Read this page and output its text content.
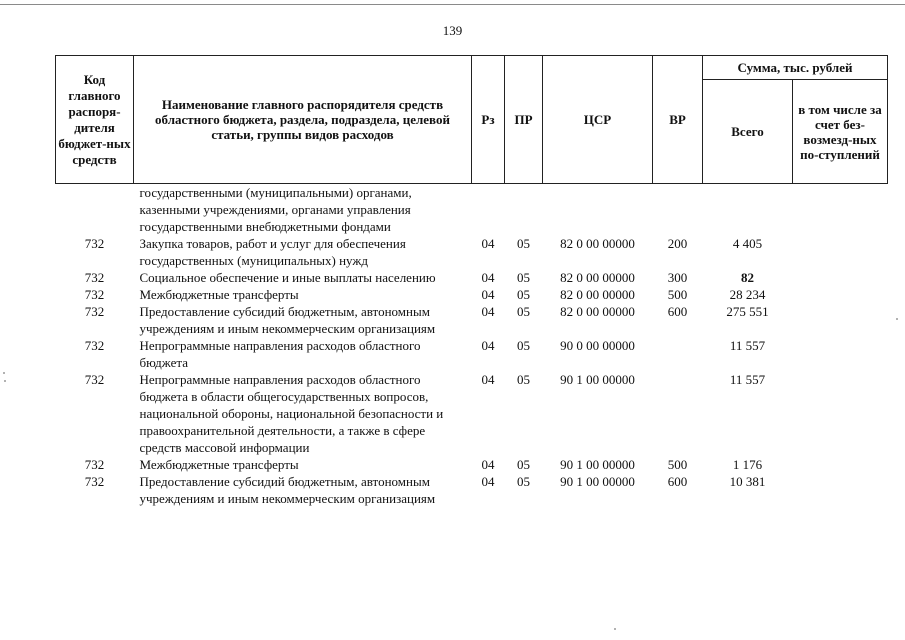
139
Код главного распоря-дителя бюджет-ных средств	Наименование главного распорядителя средств областного бюджета, раздела, подраздела, целевой статьи, группы видов расходов	Рз	ПР	ЦСР	ВР	Сумма, тыс. рублей	
						Всего	в том числе за счет без-возмезд-ных по-ступлений
	государственными (муниципальными) органами, казенными учреждениями, органами управления государственными внебюджетными фондами						
732	Закупка товаров, работ и услуг для обеспечения государственных (муниципальных) нужд	04	05	82 0 00 00000	200	4 405	
732	Социальное обеспечение и иные выплаты населению	04	05	82 0 00 00000	300	82	
732	Межбюджетные трансферты	04	05	82 0 00 00000	500	28 234	
732	Предоставление субсидий бюджетным, автономным учреждениям и иным некоммерческим организациям	04	05	82 0 00 00000	600	275 551	
732	Непрограммные направления расходов областного бюджета	04	05	90 0 00 00000		11 557	
732	Непрограммные направления расходов областного бюджета в области общегосударственных вопросов, национальной обороны, национальной безопасности и правоохранительной деятельности, а также в сфере средств массовой информации	04	05	90 1 00 00000		11 557	
732	Межбюджетные трансферты	04	05	90 1 00 00000	500	1 176	
732	Предоставление субсидий бюджетным, автономным учреждениям и иным некоммерческим организациям	04	05	90 1 00 00000	600	10 381	
